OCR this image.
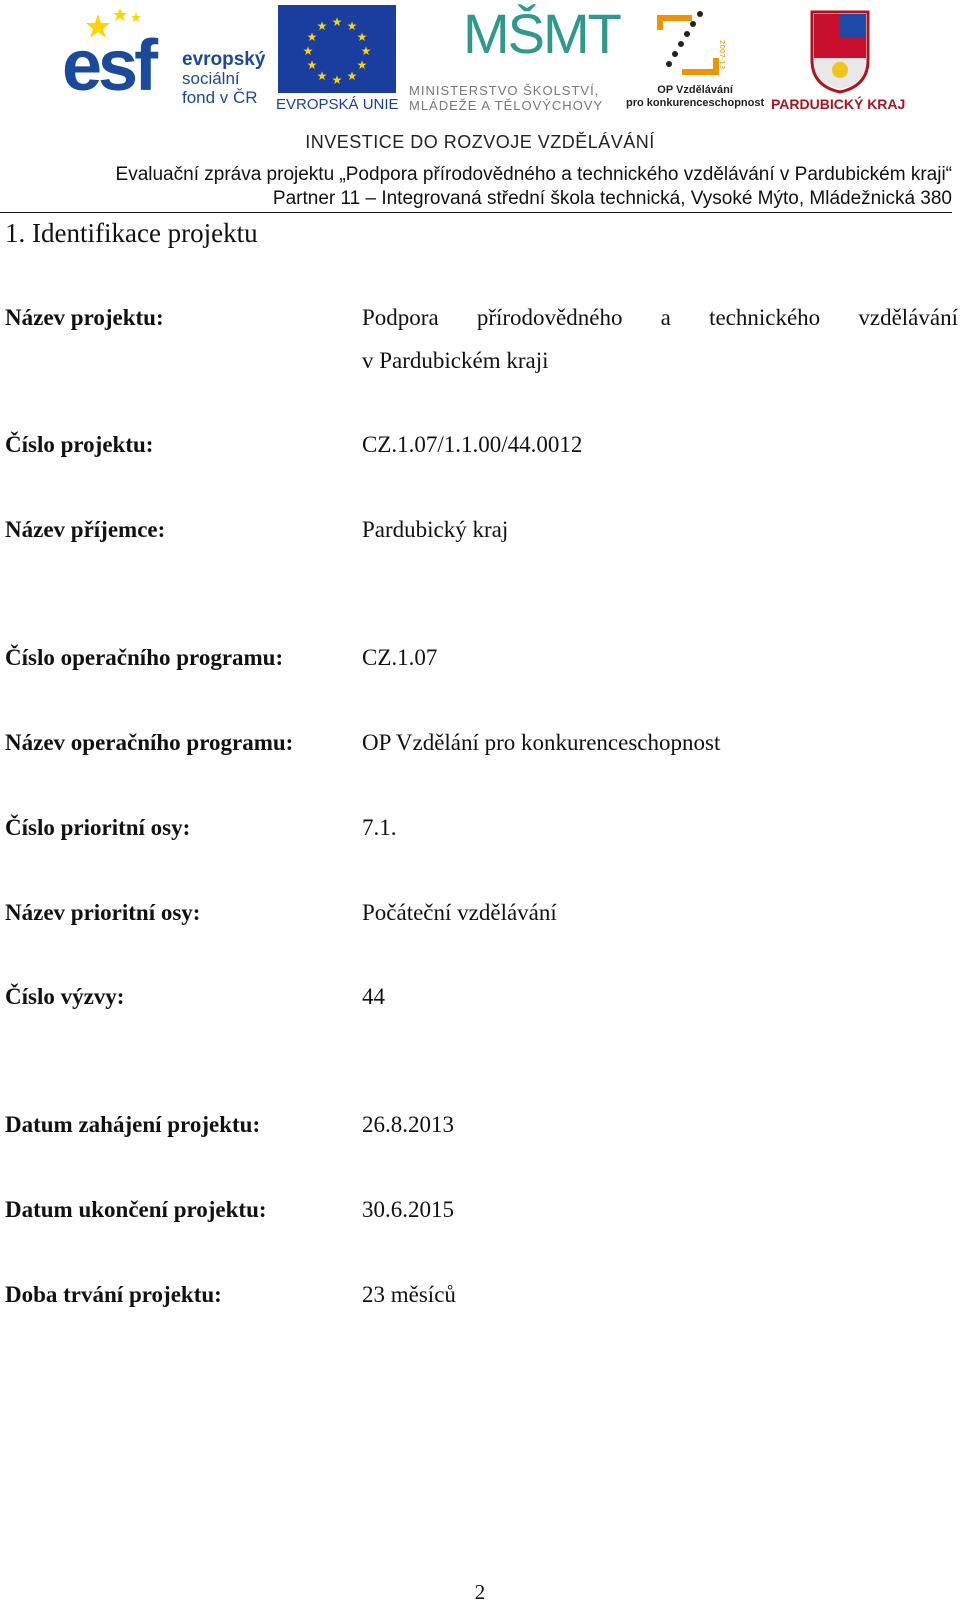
esf evropský
sociální
fond v ČR
★ ★
★
★
★
★
★
★
★
★
★
★
EVROPSKÁ UNIE
MŠMT
MINISTERSTVO ŠKOLSTVÍ,
MLÁDEŽE A TĚLOVÝCHOVY
2007-13
OP Vzdělávání
pro konkurenceschopnost PARDUBICKÝ KRAJ
INVESTICE DO ROZVOJE VZDĚLÁVÁNÍ
Evaluační zpráva projektu „Podpora přírodovědného a technického vzdělávání v Pardubickém kraji“
Partner 11 – Integrovaná střední škola technická, Vysoké Mýto, Mládežnická 380
1. Identifikace projektu
Název projektu:	Podpora přírodovědného a technického vzdělávání
v Pardubickém kraji
Číslo projektu:	CZ.1.07/1.1.00/44.0012
Název příjemce:	Pardubický kraj
Číslo operačního programu:	CZ.1.07
Název operačního programu:	OP Vzdělání pro konkurenceschopnost
Číslo prioritní osy:	7.1.
Název prioritní osy:	Počáteční vzdělávání
Číslo výzvy:	44
Datum zahájení projektu:	26.8.2013
Datum ukončení projektu:	30.6.2015
Doba trvání projektu:	23 měsíců
2
